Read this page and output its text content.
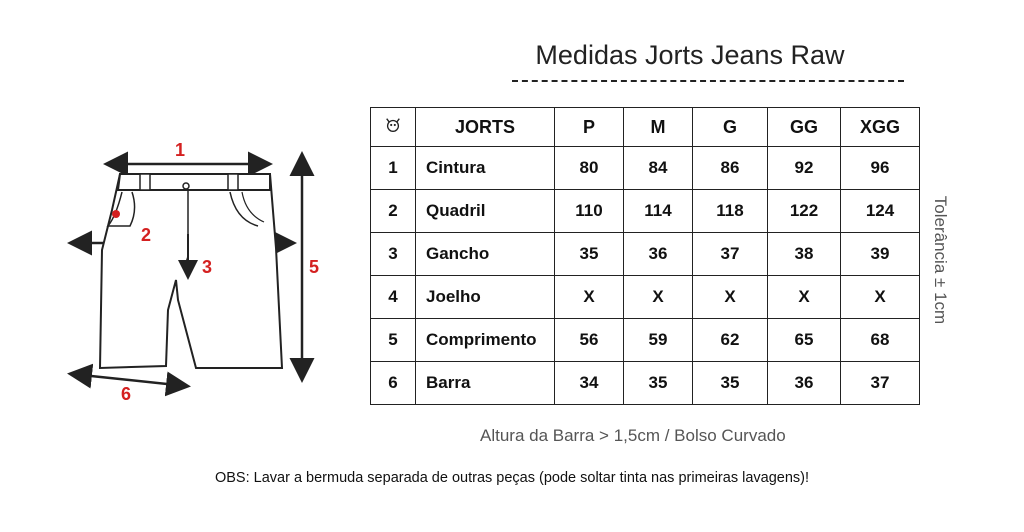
Medidas Jorts Jeans Raw
1
2
3	5
6
	JORTS	P	M	G	GG	XGG
1	Cintura	80	84	86	92	96
2	Quadril	110	114	118	122	124
3	Gancho	35	36	37	38	39
4	Joelho	X	X	X	X	X
5	Comprimento	56	59	62	65	68
6	Barra	34	35	35	36	37
Tolerância ± 1cm
Altura da Barra > 1,5cm / Bolso Curvado
OBS: Lavar a bermuda separada de outras peças (pode soltar tinta nas primeiras lavagens)!
